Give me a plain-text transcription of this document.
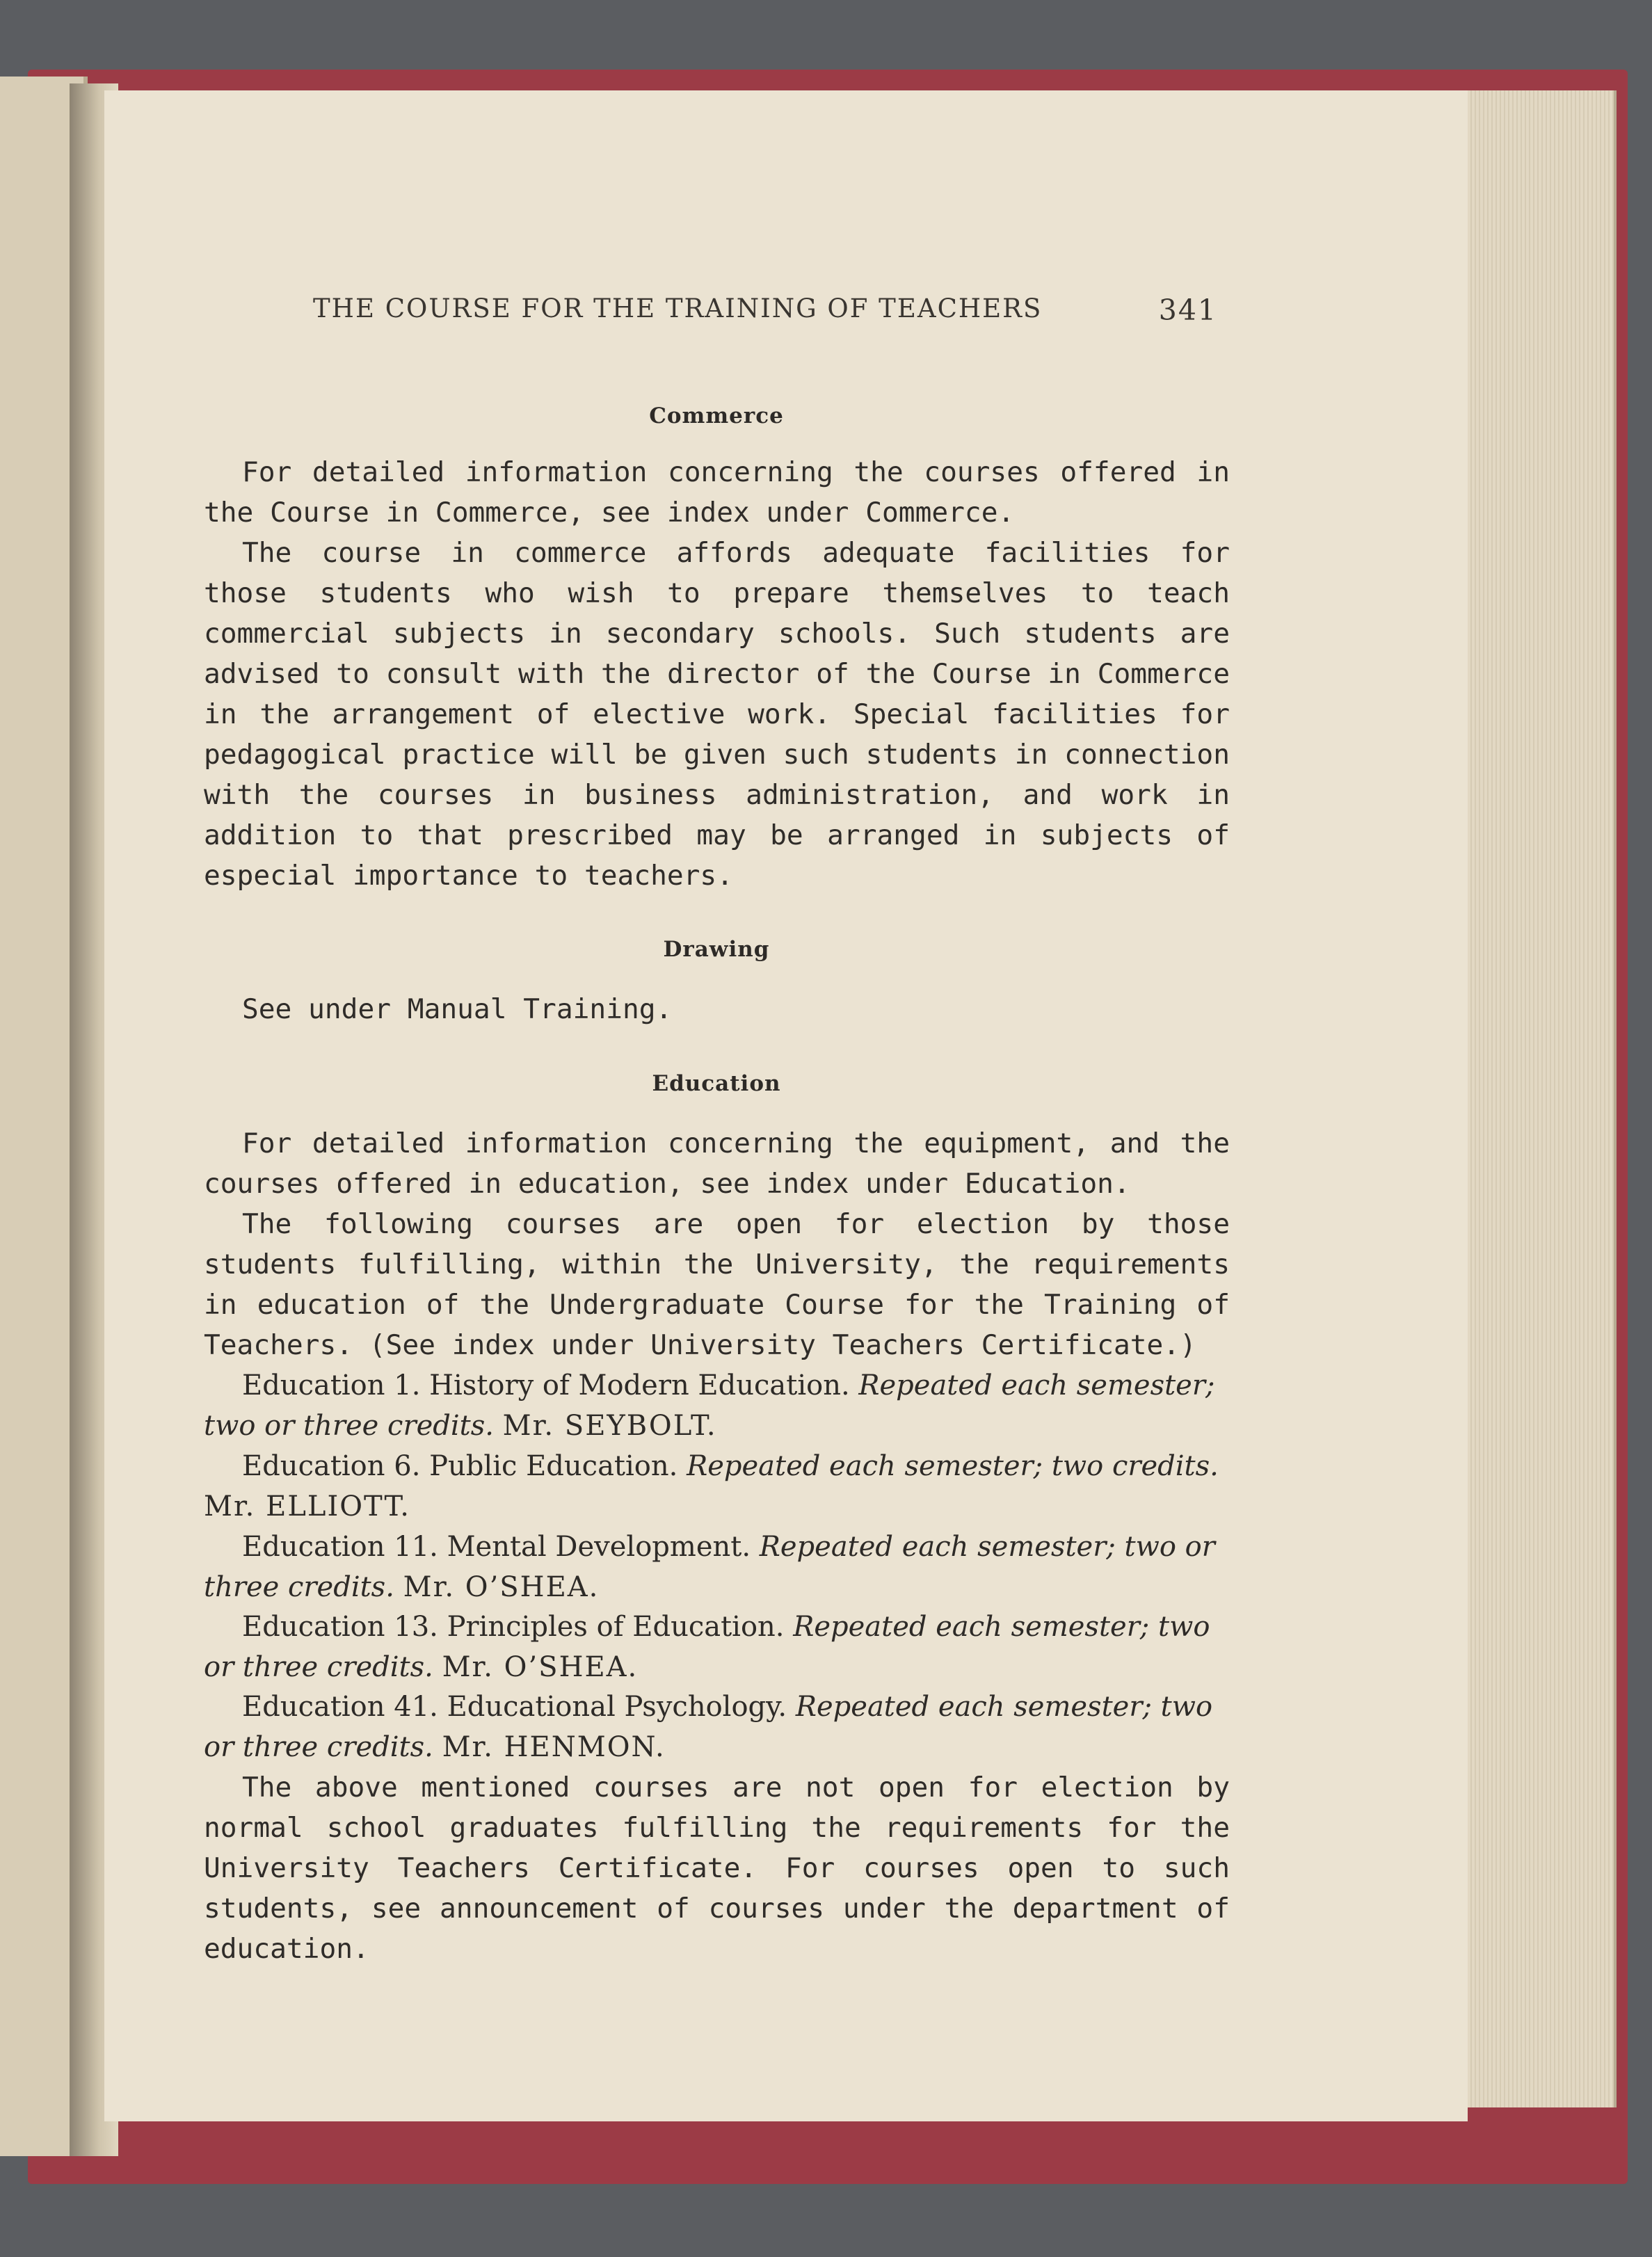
THE COURSE FOR THE TRAINING OF TEACHERS	341
Commerce
For detailed information concerning the courses offered in the Course in Commerce, see index under Commerce.
The course in commerce affords adequate facilities for those students who wish to prepare themselves to teach commercial subjects in secondary schools. Such students are advised to consult with the director of the Course in Commerce in the arrangement of elective work. Special facilities for pedagogical practice will be given such students in connection with the courses in business administration, and work in addition to that prescribed may be arranged in subjects of especial importance to teachers.
Drawing
See under Manual Training.
Education
For detailed information concerning the equipment, and the courses offered in education, see index under Education.
The following courses are open for election by those students fulfilling, within the University, the requirements in education of the Undergraduate Course for the Training of Teachers. (See index under University Teachers Certificate.)
Education 1. History of Modern Education. Repeated each semester; two or three credits. Mr. SEYBOLT.
Education 6. Public Education. Repeated each semester; two credits. Mr. ELLIOTT.
Education 11. Mental Development. Repeated each semester; two or three credits. Mr. O’SHEA.
Education 13. Principles of Education. Repeated each semester; two or three credits. Mr. O’SHEA.
Education 41. Educational Psychology. Repeated each semester; two or three credits. Mr. HENMON.
The above mentioned courses are not open for election by normal school graduates fulfilling the requirements for the University Teachers Certificate. For courses open to such students, see announcement of courses under the department of education.
